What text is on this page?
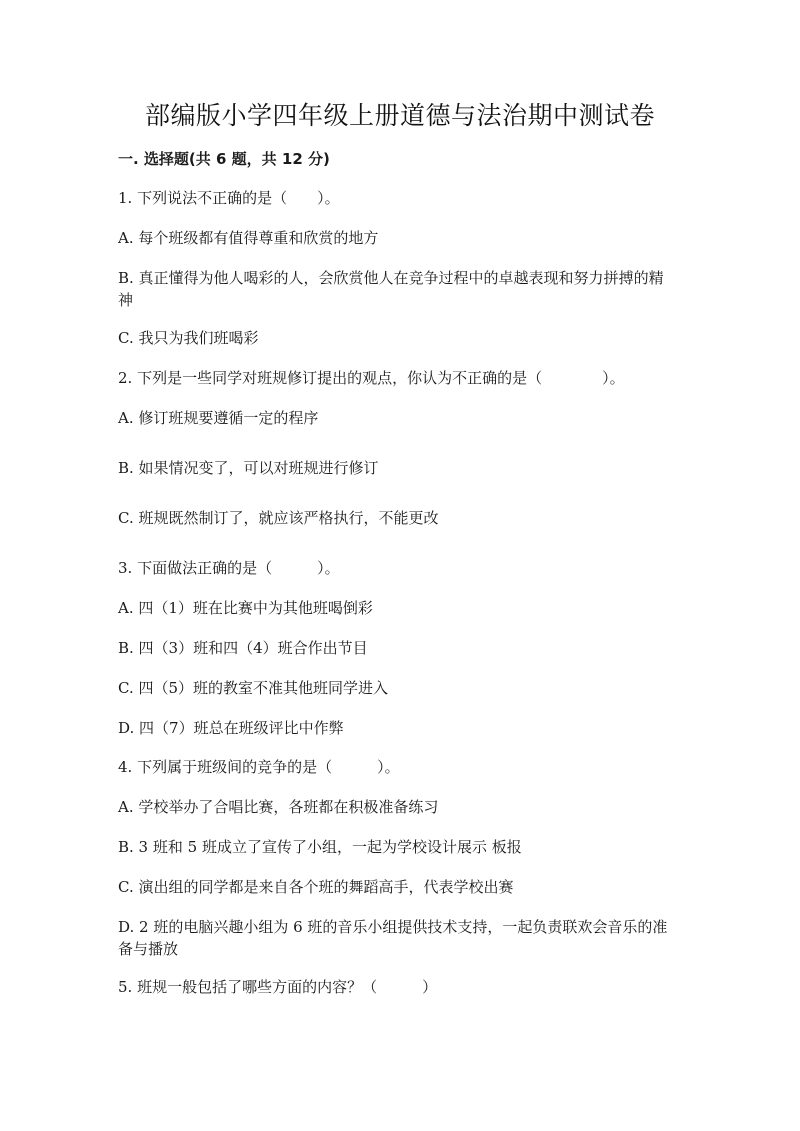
部编版小学四年级上册道德与法治期中测试卷
一. 选择题(共 6 题，共 12 分)
1. 下列说法不正确的是（　　）。
A. 每个班级都有值得尊重和欣赏的地方
B. 真正懂得为他人喝彩的人，会欣赏他人在竞争过程中的卓越表现和努力拼搏的精神
C. 我只为我们班喝彩
2. 下列是一些同学对班规修订提出的观点，你认为不正确的是（　　　　）。
A. 修订班规要遵循一定的程序
B. 如果情况变了，可以对班规进行修订
C. 班规既然制订了，就应该严格执行，不能更改
3. 下面做法正确的是（　　　）。
A. 四（1）班在比赛中为其他班喝倒彩
B. 四（3）班和四（4）班合作出节目
C. 四（5）班的教室不准其他班同学进入
D. 四（7）班总在班级评比中作弊
4. 下列属于班级间的竞争的是（　　　）。
A. 学校举办了合唱比赛，各班都在积极准备练习
B. 3 班和 5 班成立了宣传了小组，一起为学校设计展示 板报
C. 演出组的同学都是来自各个班的舞蹈高手，代表学校出赛
D. 2 班的电脑兴趣小组为 6 班的音乐小组提供技术支持，一起负责联欢会音乐的准备与播放
5. 班规一般包括了哪些方面的内容？（　　　）
